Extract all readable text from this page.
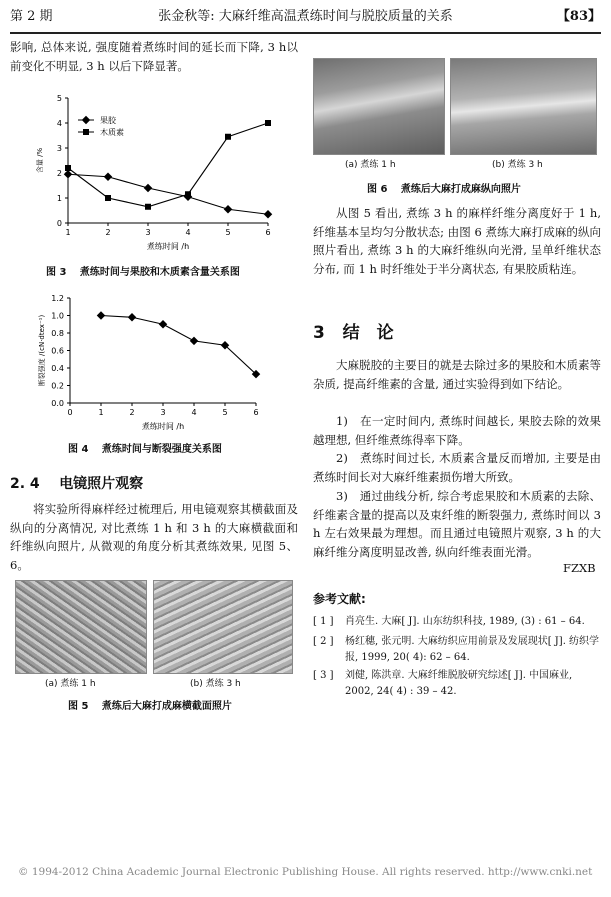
第 2 期	张金秋等: 大麻纤维高温煮练时间与脱胶质量的关系	【83】

影响, 总体来说, 强度随着煮练时间的延长而下降, 3 h以前变化不明显, 3 h 以后下降显著。

0
1
2
3
4
5
1	2	3	4	5	6
煮练时间 /h
含量 /%
果胶
木质素
图 3　 煮练时间与果胶和木质素含量关系图
0.0
0.2
0.4
0.6
0.8
1.0
1.2
0	1	2	3	4	5	6
煮练时间 /h
断裂强度 /(cN·dtex⁻¹)
图 4　 煮练时间与断裂强度关系图
2. 4 电镜照片观察

将实验所得麻样经过梳理后, 用电镜观察其横截面及纵向的分离情况, 对比煮练 1 h 和 3 h 的大麻横截面和纤维纵向照片, 从微观的角度分析其煮练效果, 见图 5、6。

(a) 煮练 1 h	(b) 煮练 3 h
图 5　 煮练后大麻打成麻横截面照片
(a) 煮练 1 h	(b) 煮练 3 h
图 6　 煮练后大麻打成麻纵向照片

从图 5 看出, 煮练 3 h 的麻样纤维分离度好于 1 h, 纤维基本呈均匀分散状态; 由图 6 煮练大麻打成麻的纵向照片看出, 煮练 3 h 的大麻纤维纵向光滑, 呈单纤维状态分布, 而 1 h 时纤维处于半分离状态, 有果胶质粘连。

3 结　论

大麻脱胶的主要目的就是去除过多的果胶和木质素等杂质, 提高纤维素的含量, 通过实验得到如下结论。

1)　在一定时间内, 煮练时间越长, 果胶去除的效果越理想, 但纤维煮练得率下降。

2)　煮练时间过长, 木质素含量反而增加, 主要是由煮练时间长对大麻纤维素损伤增大所致。

3)　通过曲线分析, 综合考虑果胶和木质素的去除、纤维素含量的提高以及束纤维的断裂强力, 煮练时间以 3 h 左右效果最为理想。而且通过电镜照片观察, 3 h 的大麻纤维分离度明显改善, 纵向纤维表面光滑。

FZXB
参考文献:
[ 1 ]	肖亮生. 大麻[ J]. 山东纺织科技, 1989, (3) : 61 – 64.
[ 2 ]	杨红穗, 张元明. 大麻纺织应用前景及发展现状[ J]. 纺织学报, 1999, 20( 4): 62 – 64.
[ 3 ]	刘健, 陈洪章. 大麻纤维脱胶研究综述[ J]. 中国麻业, 2002, 24( 4) : 39 – 42.
© 1994-2012 China Academic Journal Electronic Publishing House. All rights reserved. http://www.cnki.net
